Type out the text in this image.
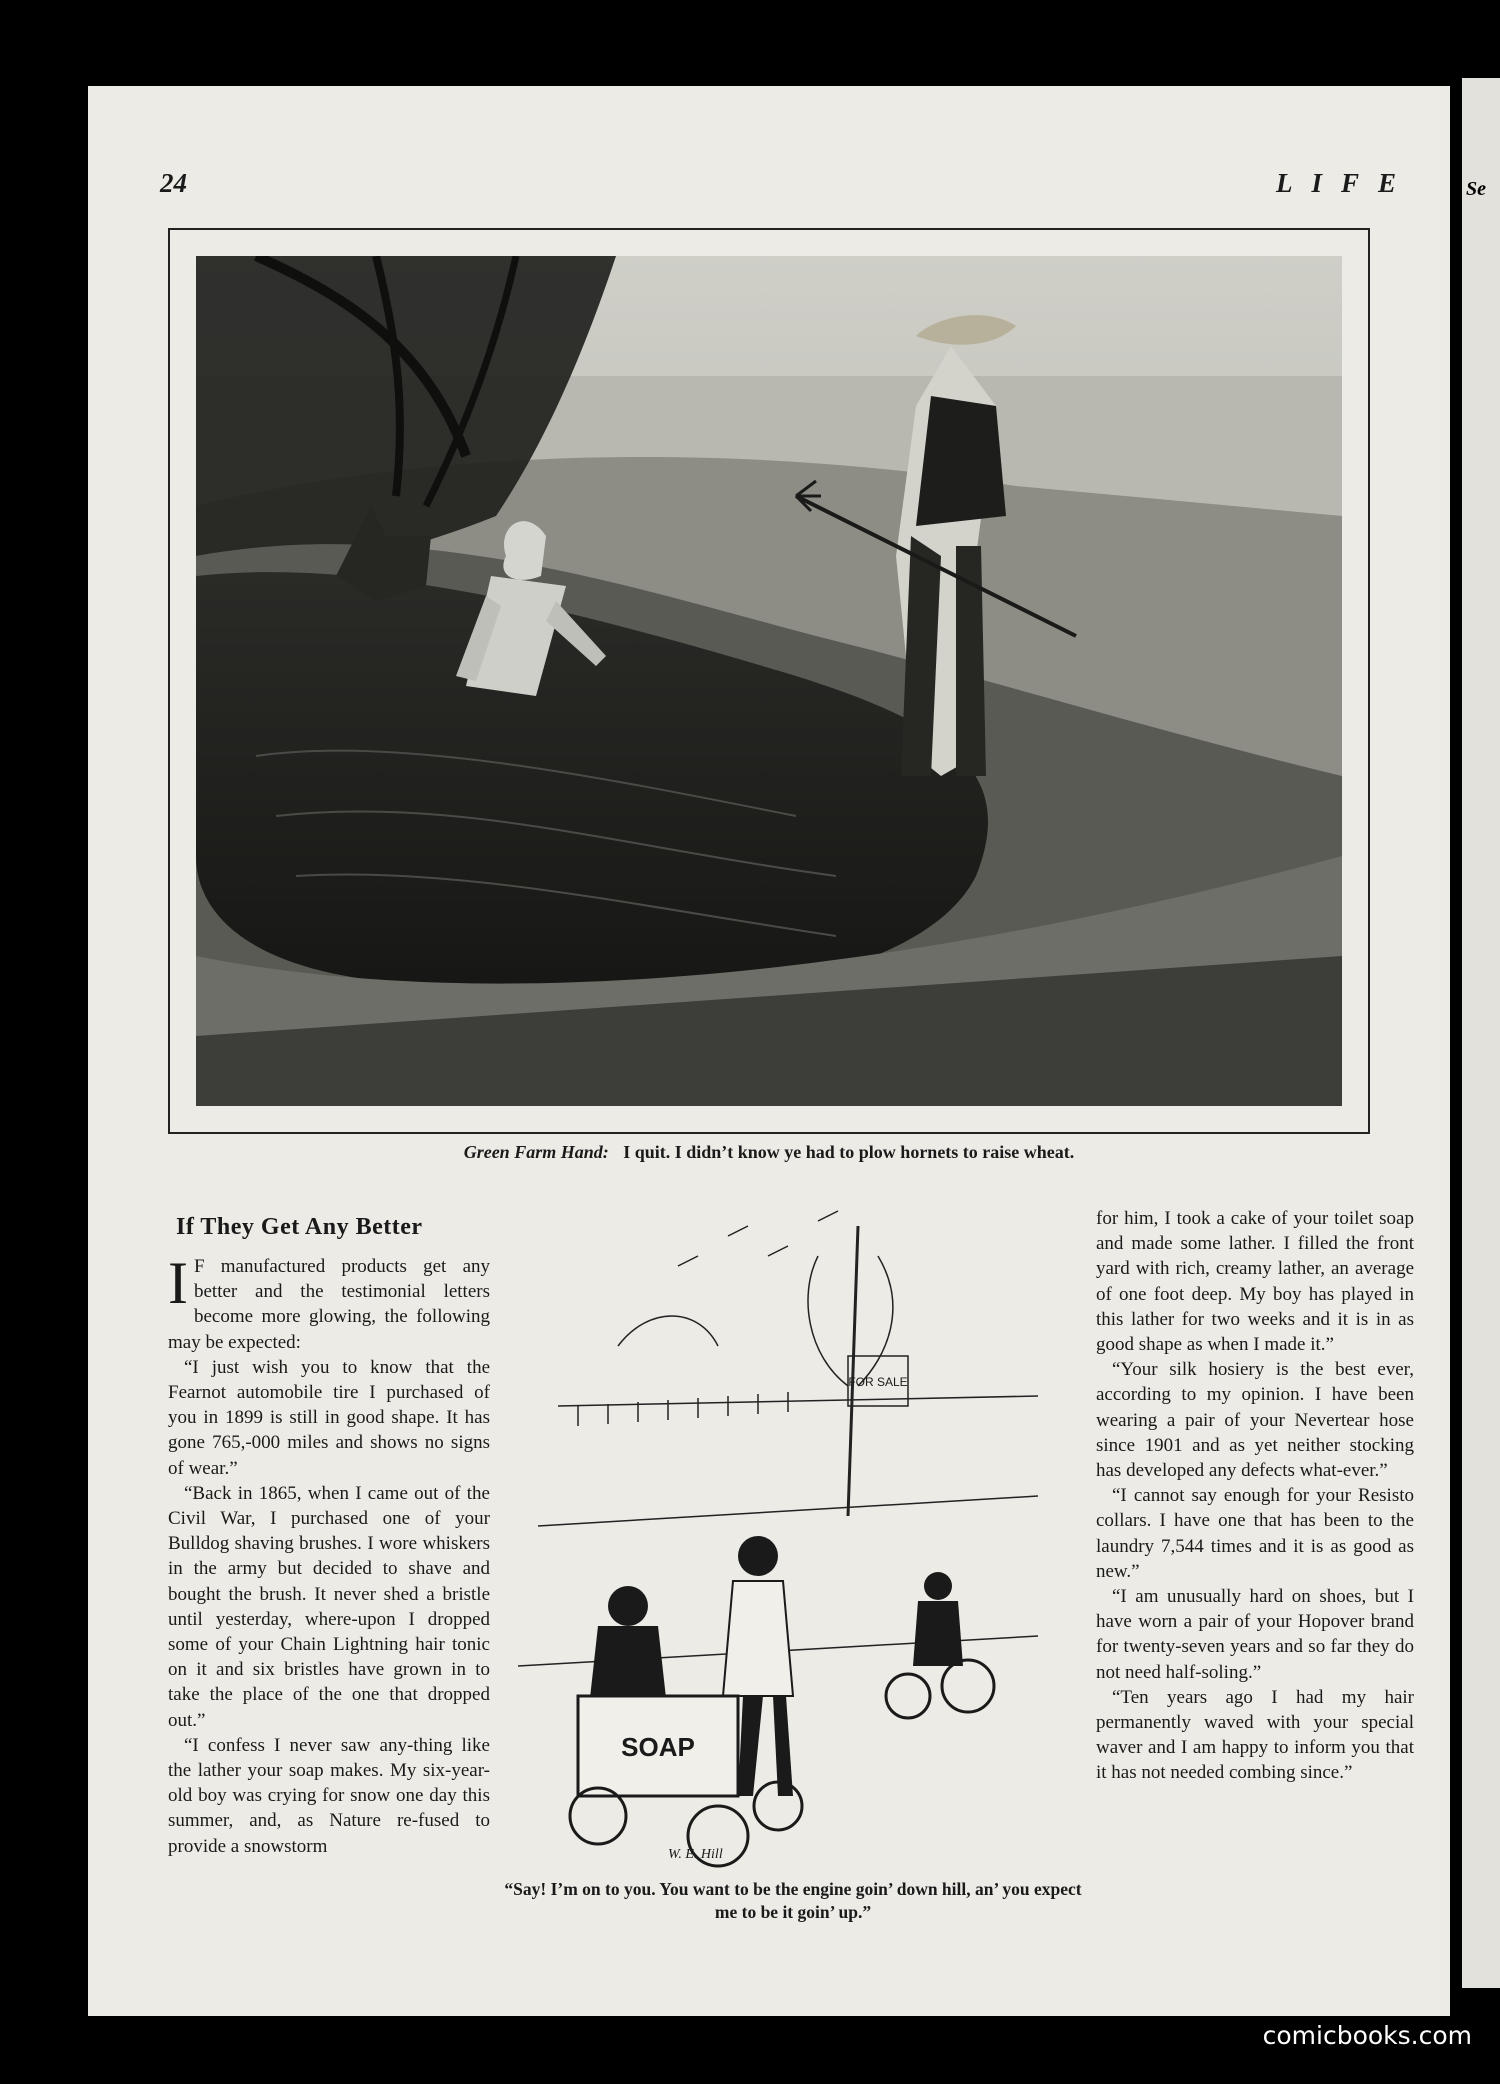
24	LIFE
Green Farm Hand: I quit. I didn’t know ye had to plow hornets to raise wheat.
If They Get Any Better

I F manufactured products get any better and the testimonial letters become more glowing, the following may be expected:

“I just wish you to know that the Fearnot automobile tire I purchased of you in 1899 is still in good shape. It has gone 765,-000 miles and shows no signs of wear.”

“Back in 1865, when I came out of the Civil War, I purchased one of your Bulldog shaving brushes. I wore whiskers in the army but decided to shave and bought the brush. It never shed a bristle until yesterday, where-upon I dropped some of your Chain Lightning hair tonic on it and six bristles have grown in to take the place of the one that dropped out.”

“I confess I never saw any-thing like the lather your soap makes. My six-year-old boy was crying for snow one day this summer, and, as Nature re-fused to provide a snowstorm

SOAP
FOR SALE
W. E. Hill
“Say! I’m on to you. You want to be the engine goin’ down hill, an’ you expect me to be it goin’ up.”

for him, I took a cake of your toilet soap and made some lather. I filled the front yard with rich, creamy lather, an average of one foot deep. My boy has played in this lather for two weeks and it is in as good shape as when I made it.”

“Your silk hosiery is the best ever, according to my opinion. I have been wearing a pair of your Nevertear hose since 1901 and as yet neither stocking has developed any defects what-ever.”

“I cannot say enough for your Resisto collars. I have one that has been to the laundry 7,544 times and it is as good as new.”

“I am unusually hard on shoes, but I have worn a pair of your Hopover brand for twenty-seven years and so far they do not need half-soling.”

“Ten years ago I had my hair permanently waved with your special waver and I am happy to inform you that it has not needed combing since.”

Se
comicbooks.com
